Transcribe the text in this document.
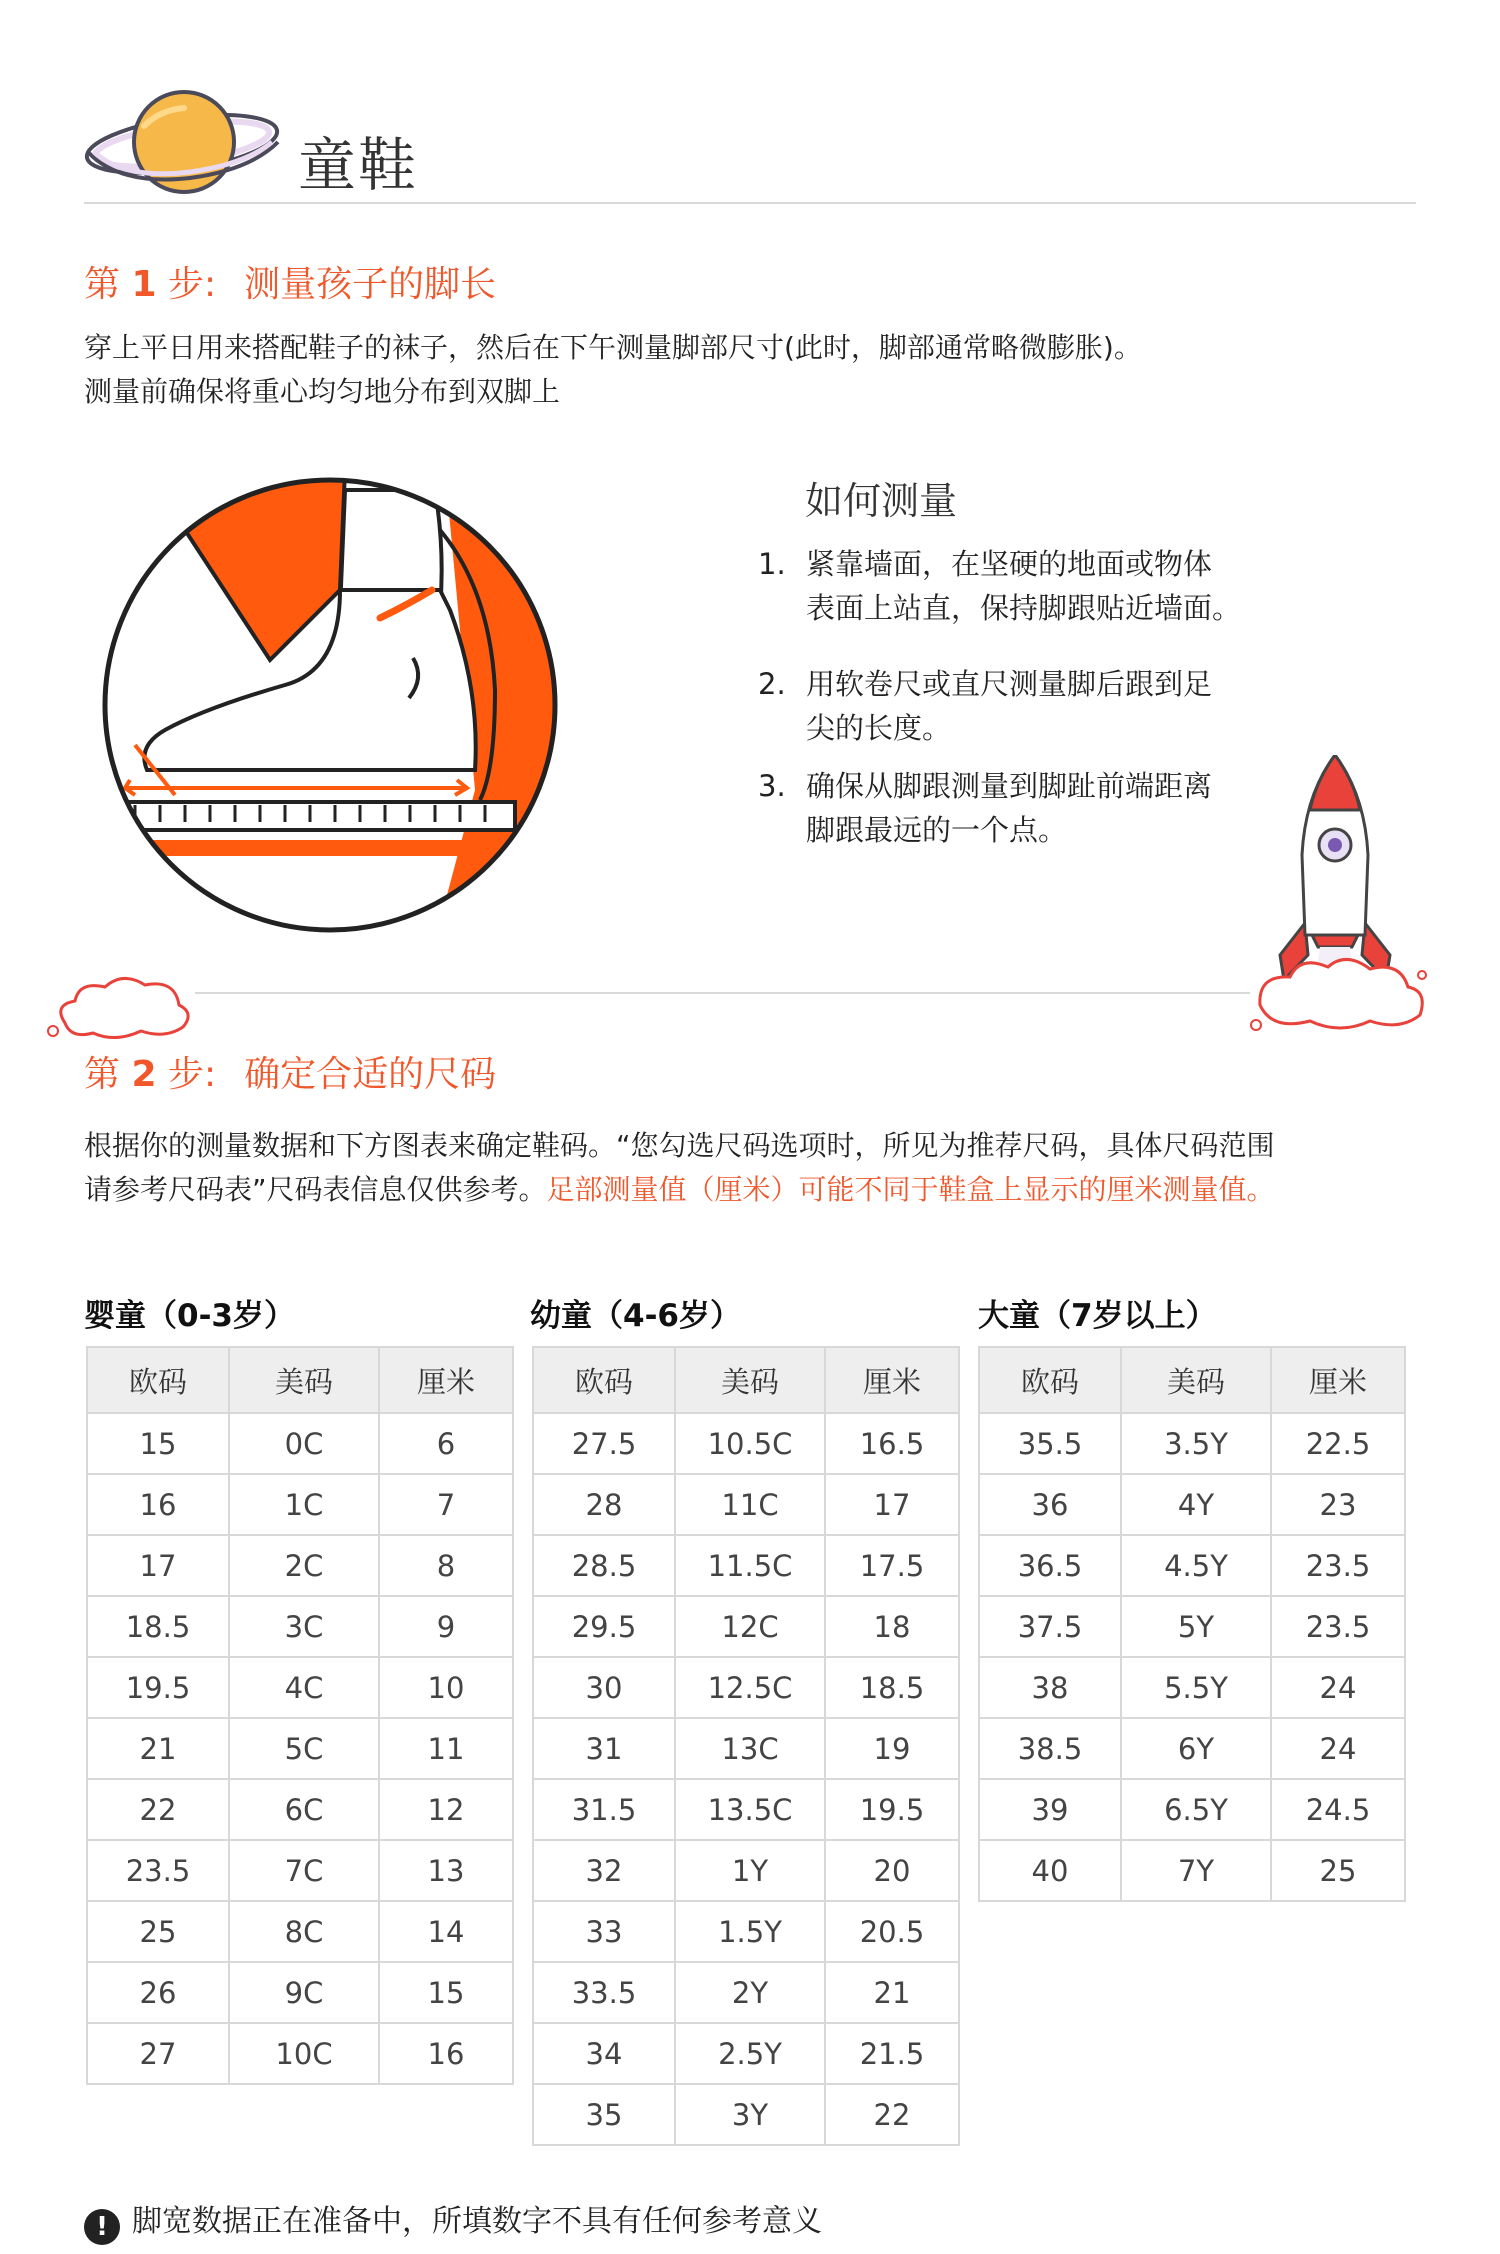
童鞋
第 1 步: 测量孩子的脚长
穿上平日用来搭配鞋子的袜子，然后在下午测量脚部尺寸(此时，脚部通常略微膨胀)。
测量前确保将重心均匀地分布到双脚上
如何测量
1. 紧靠墙面，在坚硬的地面或物体
表面上站直，保持脚跟贴近墙面。
2. 用软卷尺或直尺测量脚后跟到足
尖的长度。
3. 确保从脚跟测量到脚趾前端距离
脚跟最远的一个点。
第 2 步: 确定合适的尺码
根据你的测量数据和下方图表来确定鞋码。“您勾选尺码选项时，所见为推荐尺码，具体尺码范围
请参考尺码表”尺码表信息仅供参考。足部测量值（厘米）可能不同于鞋盒上显示的厘米测量值。
婴童（0-3岁）	幼童（4-6岁）	大童（7岁以上）
欧码	美码	厘米
15	0C	6
16	1C	7
17	2C	8
18.5	3C	9
19.5	4C	10
21	5C	11
22	6C	12
23.5	7C	13
25	8C	14
26	9C	15
27	10C	16
欧码	美码	厘米
27.5	10.5C	16.5
28	11C	17
28.5	11.5C	17.5
29.5	12C	18
30	12.5C	18.5
31	13C	19
31.5	13.5C	19.5
32	1Y	20
33	1.5Y	20.5
33.5	2Y	21
34	2.5Y	21.5
35	3Y	22
欧码	美码	厘米
35.5	3.5Y	22.5
36	4Y	23
36.5	4.5Y	23.5
37.5	5Y	23.5
38	5.5Y	24
38.5	6Y	24
39	6.5Y	24.5
40	7Y	25
! 脚宽数据正在准备中，所填数字不具有任何参考意义
